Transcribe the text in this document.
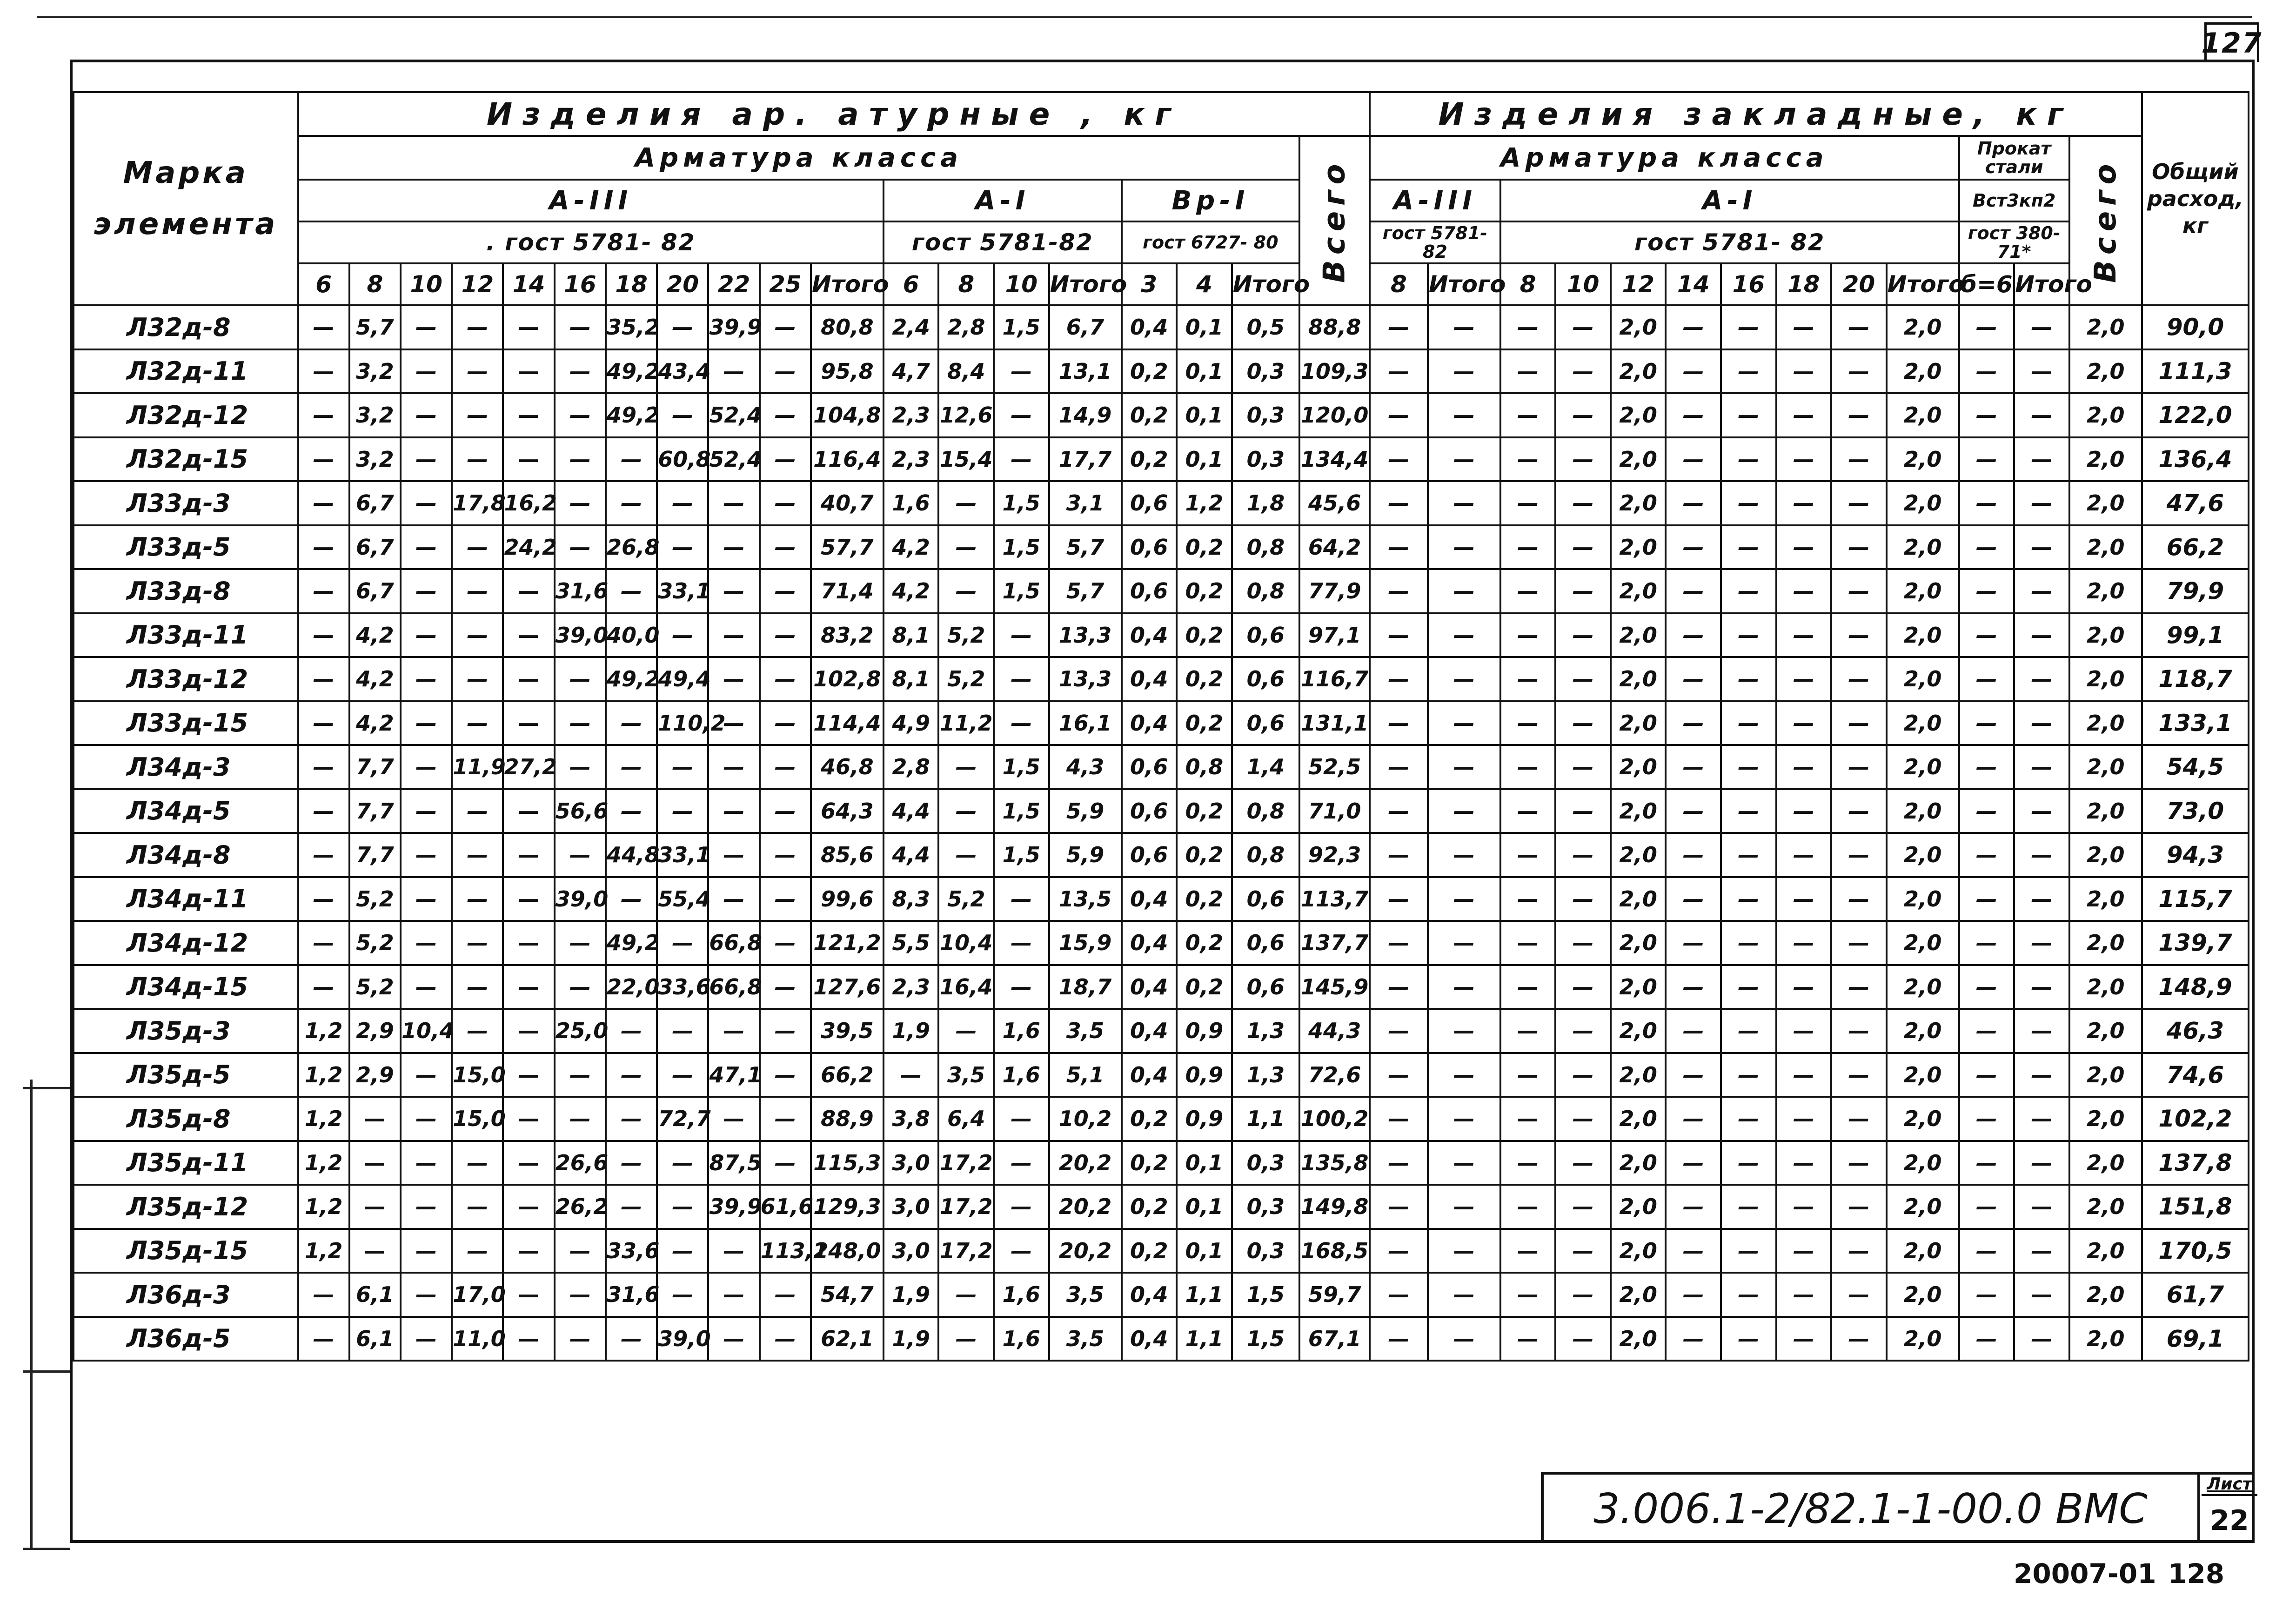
127
Марка элемента	Изделия ар. атурные , кг																			Изделия закладные, кг													Общий расход, кг
	Арматура класса																		Всего	Арматура класса										Прокат стали		Всего	
	А-III											А-I				Вр-I				А-III		А-I								Вст3кп2			
	. гост 5781- 82											гост 5781-82				гост 6727- 80				гост 5781-82		гост 5781- 82								гост 380-71*			
	6	8	10	12	14	16	18	20	22	25	Итого	6	8	10	Итого	3	4	Итого		8	Итого	8	10	12	14	16	18	20	Итого	б=6	Итого		
Л32д-8	—	5,7	—	—	—	—	35,2	—	39,9	—	80,8	2,4	2,8	1,5	6,7	0,4	0,1	0,5	88,8	—	—	—	—	2,0	—	—	—	—	2,0	—	—	2,0	90,0
Л32д-11	—	3,2	—	—	—	—	49,2	43,4	—	—	95,8	4,7	8,4	—	13,1	0,2	0,1	0,3	109,3	—	—	—	—	2,0	—	—	—	—	2,0	—	—	2,0	111,3
Л32д-12	—	3,2	—	—	—	—	49,2	—	52,4	—	104,8	2,3	12,6	—	14,9	0,2	0,1	0,3	120,0	—	—	—	—	2,0	—	—	—	—	2,0	—	—	2,0	122,0
Л32д-15	—	3,2	—	—	—	—	—	60,8	52,4	—	116,4	2,3	15,4	—	17,7	0,2	0,1	0,3	134,4	—	—	—	—	2,0	—	—	—	—	2,0	—	—	2,0	136,4
Л33д-3	—	6,7	—	17,8	16,2	—	—	—	—	—	40,7	1,6	—	1,5	3,1	0,6	1,2	1,8	45,6	—	—	—	—	2,0	—	—	—	—	2,0	—	—	2,0	47,6
Л33д-5	—	6,7	—	—	24,2	—	26,8	—	—	—	57,7	4,2	—	1,5	5,7	0,6	0,2	0,8	64,2	—	—	—	—	2,0	—	—	—	—	2,0	—	—	2,0	66,2
Л33д-8	—	6,7	—	—	—	31,6	—	33,1	—	—	71,4	4,2	—	1,5	5,7	0,6	0,2	0,8	77,9	—	—	—	—	2,0	—	—	—	—	2,0	—	—	2,0	79,9
Л33д-11	—	4,2	—	—	—	39,0	40,0	—	—	—	83,2	8,1	5,2	—	13,3	0,4	0,2	0,6	97,1	—	—	—	—	2,0	—	—	—	—	2,0	—	—	2,0	99,1
Л33д-12	—	4,2	—	—	—	—	49,2	49,4	—	—	102,8	8,1	5,2	—	13,3	0,4	0,2	0,6	116,7	—	—	—	—	2,0	—	—	—	—	2,0	—	—	2,0	118,7
Л33д-15	—	4,2	—	—	—	—	—	110,2	—	—	114,4	4,9	11,2	—	16,1	0,4	0,2	0,6	131,1	—	—	—	—	2,0	—	—	—	—	2,0	—	—	2,0	133,1
Л34д-3	—	7,7	—	11,9	27,2	—	—	—	—	—	46,8	2,8	—	1,5	4,3	0,6	0,8	1,4	52,5	—	—	—	—	2,0	—	—	—	—	2,0	—	—	2,0	54,5
Л34д-5	—	7,7	—	—	—	56,6	—	—	—	—	64,3	4,4	—	1,5	5,9	0,6	0,2	0,8	71,0	—	—	—	—	2,0	—	—	—	—	2,0	—	—	2,0	73,0
Л34д-8	—	7,7	—	—	—	—	44,8	33,1	—	—	85,6	4,4	—	1,5	5,9	0,6	0,2	0,8	92,3	—	—	—	—	2,0	—	—	—	—	2,0	—	—	2,0	94,3
Л34д-11	—	5,2	—	—	—	39,0	—	55,4	—	—	99,6	8,3	5,2	—	13,5	0,4	0,2	0,6	113,7	—	—	—	—	2,0	—	—	—	—	2,0	—	—	2,0	115,7
Л34д-12	—	5,2	—	—	—	—	49,2	—	66,8	—	121,2	5,5	10,4	—	15,9	0,4	0,2	0,6	137,7	—	—	—	—	2,0	—	—	—	—	2,0	—	—	2,0	139,7
Л34д-15	—	5,2	—	—	—	—	22,0	33,6	66,8	—	127,6	2,3	16,4	—	18,7	0,4	0,2	0,6	145,9	—	—	—	—	2,0	—	—	—	—	2,0	—	—	2,0	148,9
Л35д-3	1,2	2,9	10,4	—	—	25,0	—	—	—	—	39,5	1,9	—	1,6	3,5	0,4	0,9	1,3	44,3	—	—	—	—	2,0	—	—	—	—	2,0	—	—	2,0	46,3
Л35д-5	1,2	2,9	—	15,0	—	—	—	—	47,1	—	66,2	—	3,5	1,6	5,1	0,4	0,9	1,3	72,6	—	—	—	—	2,0	—	—	—	—	2,0	—	—	2,0	74,6
Л35д-8	1,2	—	—	15,0	—	—	—	72,7	—	—	88,9	3,8	6,4	—	10,2	0,2	0,9	1,1	100,2	—	—	—	—	2,0	—	—	—	—	2,0	—	—	2,0	102,2
Л35д-11	1,2	—	—	—	—	26,6	—	—	87,5	—	115,3	3,0	17,2	—	20,2	0,2	0,1	0,3	135,8	—	—	—	—	2,0	—	—	—	—	2,0	—	—	2,0	137,8
Л35д-12	1,2	—	—	—	—	26,2	—	—	39,9	61,6	129,3	3,0	17,2	—	20,2	0,2	0,1	0,3	149,8	—	—	—	—	2,0	—	—	—	—	2,0	—	—	2,0	151,8
Л35д-15	1,2	—	—	—	—	—	33,6	—	—	113,2	148,0	3,0	17,2	—	20,2	0,2	0,1	0,3	168,5	—	—	—	—	2,0	—	—	—	—	2,0	—	—	2,0	170,5
Л36д-3	—	6,1	—	17,0	—	—	31,6	—	—	—	54,7	1,9	—	1,6	3,5	0,4	1,1	1,5	59,7	—	—	—	—	2,0	—	—	—	—	2,0	—	—	2,0	61,7
Л36д-5	—	6,1	—	11,0	—	—	—	39,0	—	—	62,1	1,9	—	1,6	3,5	0,4	1,1	1,5	67,1	—	—	—	—	2,0	—	—	—	—	2,0	—	—	2,0	69,1
3.006.1-2/82.1-1-00.0 ВМС
Лист
22
20007-01 128
